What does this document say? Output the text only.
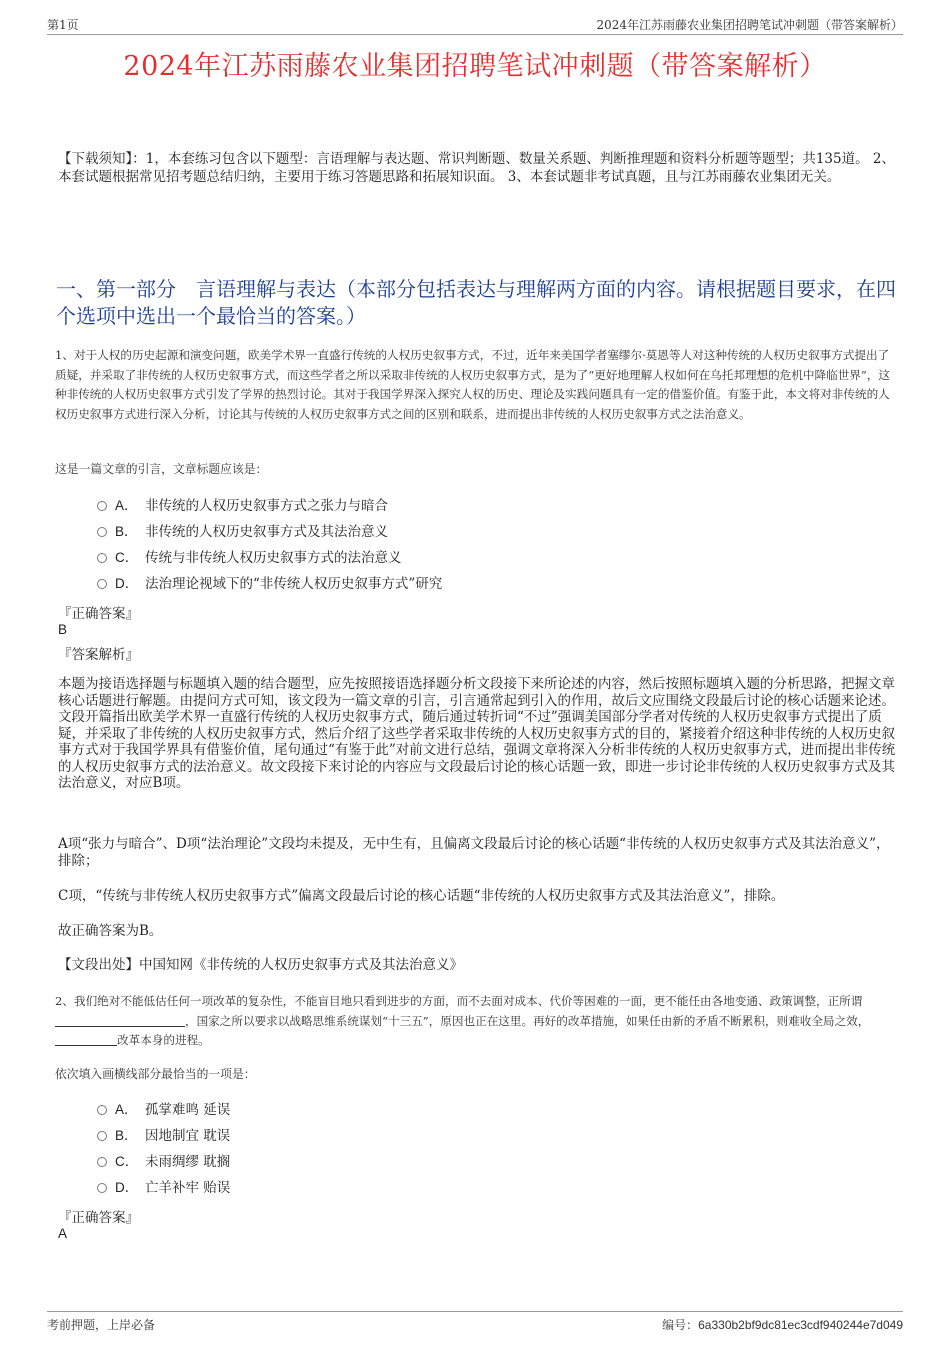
第1页	2024年江苏雨藤农业集团招聘笔试冲刺题（带答案解析）
2024年江苏雨藤农业集团招聘笔试冲刺题（带答案解析）
【下载须知】：1，本套练习包含以下题型：言语理解与表达题、常识判断题、数量关系题、判断推理题和资料分析题等题型；共135道。 2、本套试题根据常见招考题总结归纳，主要用于练习答题思路和拓展知识面。 3、本套试题非考试真题，且与江苏雨藤农业集团无关。
一、第一部分　言语理解与表达（本部分包括表达与理解两方面的内容。请根据题目要求，在四个选项中选出一个最恰当的答案。）
1、对于人权的历史起源和演变问题，欧美学术界一直盛行传统的人权历史叙事方式，不过，近年来美国学者塞缪尔·莫恩等人对这种传统的人权历史叙事方式提出了质疑，并采取了非传统的人权历史叙事方式，而这些学者之所以采取非传统的人权历史叙事方式，是为了“更好地理解人权如何在乌托邦理想的危机中降临世界”，这种非传统的人权历史叙事方式引发了学界的热烈讨论。其对于我国学界深入探究人权的历史、理论及实践问题具有一定的借鉴价值。有鉴于此，本文将对非传统的人权历史叙事方式进行深入分析，讨论其与传统的人权历史叙事方式之间的区别和联系，进而提出非传统的人权历史叙事方式之法治意义。
这是一篇文章的引言，文章标题应该是：
A． 非传统的人权历史叙事方式之张力与暗合
B． 非传统的人权历史叙事方式及其法治意义
C． 传统与非传统人权历史叙事方式的法治意义
D． 法治理论视域下的“非传统人权历史叙事方式”研究
『正确答案』
B
『答案解析』

本题为接语选择题与标题填入题的结合题型，应先按照接语选择题分析文段接下来所论述的内容，然后按照标题填入题的分析思路，把握文章核心话题进行解题。由提问方式可知，该文段为一篇文章的引言，引言通常起到引入的作用，故后文应围绕文段最后讨论的核心话题来论述。文段开篇指出欧美学术界一直盛行传统的人权历史叙事方式，随后通过转折词“不过”强调美国部分学者对传统的人权历史叙事方式提出了质疑，并采取了非传统的人权历史叙事方式，然后介绍了这些学者采取非传统的人权历史叙事方式的目的，紧接着介绍这种非传统的人权历史叙事方式对于我国学界具有借鉴价值，尾句通过“有鉴于此”对前文进行总结，强调文章将深入分析非传统的人权历史叙事方式，进而提出非传统的人权历史叙事方式的法治意义。故文段接下来讨论的内容应与文段最后讨论的核心话题一致，即进一步讨论非传统的人权历史叙事方式及其法治意义，对应B项。

A项“张力与暗合”、D项“法治理论”文段均未提及，无中生有，且偏离文段最后讨论的核心话题“非传统的人权历史叙事方式及其法治意义”，排除；

C项，“传统与非传统人权历史叙事方式”偏离文段最后讨论的核心话题“非传统的人权历史叙事方式及其法治意义”，排除。

故正确答案为B。

【文段出处】中国知网《非传统的人权历史叙事方式及其法治意义》

2、我们绝对不能低估任何一项改革的复杂性，不能盲目地只看到进步的方面，而不去面对成本、代价等困难的一面，更不能任由各地变通、政策调整，正所谓，国家之所以要求以战略思维系统谋划“十三五”，原因也正在这里。再好的改革措施，如果任由新的矛盾不断累积，则难收全局之效，改革本身的进程。
依次填入画横线部分最恰当的一项是：
A． 孤掌难鸣 延误
B． 因地制宜 耽误
C． 未雨绸缪 耽搁
D． 亡羊补牢 贻误
『正确答案』
A
考前押题，上岸必备	编号：6a330b2bf9dc81ec3cdf940244e7d049
